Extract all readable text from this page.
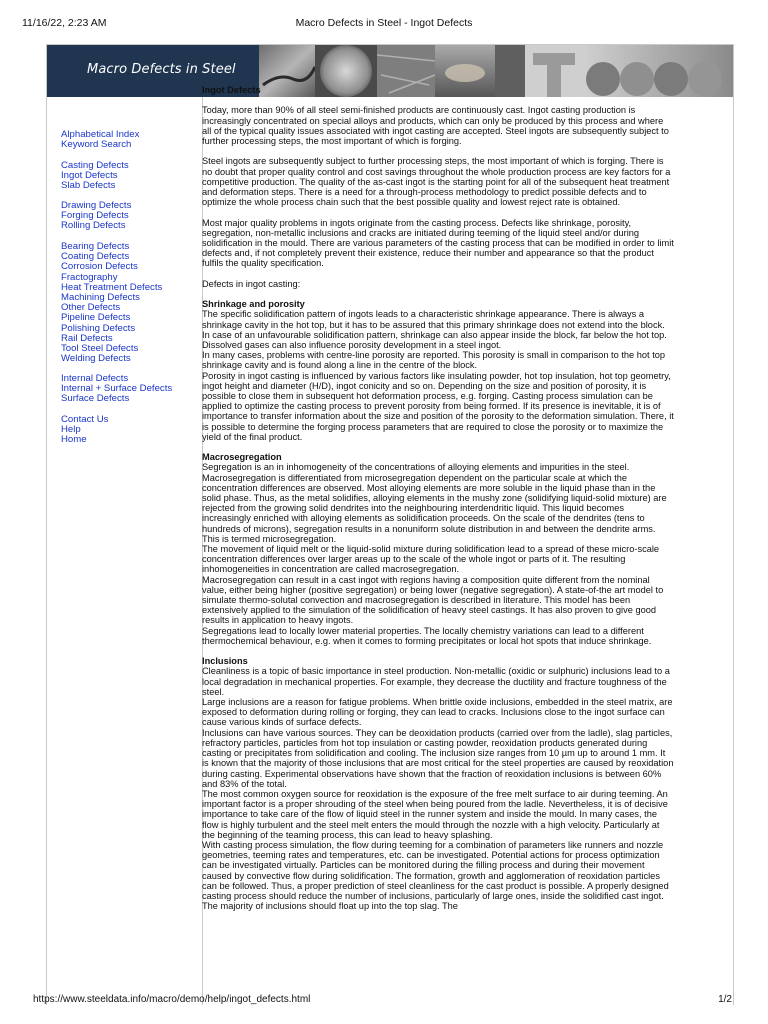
11/16/22, 2:23 AM	Macro Defects in Steel - Ingot Defects
Macro Defects in Steel
Alphabetical Index
Keyword Search
Casting Defects
Ingot Defects
Slab Defects
Drawing Defects
Forging Defects
Rolling Defects
Bearing Defects
Coating Defects
Corrosion Defects
Fractography
Heat Treatment Defects
Machining Defects
Other Defects
Pipeline Defects
Polishing Defects
Rail Defects
Tool Steel Defects
Welding Defects
Internal Defects
Internal + Surface Defects
Surface Defects
Contact Us
Help
Home
Ingot Defects

Today, more than 90% of all steel semi-finished products are continuously cast. Ingot casting production is increasingly concentrated on special alloys and products, which can only be produced by this process and where all of the typical quality issues associated with ingot casting are accepted. Steel ingots are subsequently subject to further processing steps, the most important of which is forging.

Steel ingots are subsequently subject to further processing steps, the most important of which is forging. There is no doubt that proper quality control and cost savings throughout the whole production process are key factors for a competitive production. The quality of the as-cast ingot is the starting point for all of the subsequent heat treatment and deformation steps. There is a need for a through-process methodology to predict possible defects and to optimize the whole process chain such that the best possible quality and lowest reject rate is obtained.

Most major quality problems in ingots originate from the casting process. Defects like shrinkage, porosity, segregation, non-metallic inclusions and cracks are initiated during teeming of the liquid steel and/or during solidification in the mould. There are various parameters of the casting process that can be modified in order to limit defects and, if not completely prevent their existence, reduce their number and appearance so that the product fulfils the quality specification.

Defects in ingot casting:

Shrinkage and porosity

The specific solidification pattern of ingots leads to a characteristic shrinkage appearance. There is always a shrinkage cavity in the hot top, but it has to be assured that this primary shrinkage does not extend into the block. In case of an unfavourable solidification pattern, shrinkage can also appear inside the block, far below the hot top. Dissolved gases can also influence porosity development in a steel ingot.

In many cases, problems with centre-line porosity are reported. This porosity is small in comparison to the hot top shrinkage cavity and is found along a line in the centre of the block.

Porosity in ingot casting is influenced by various factors like insulating powder, hot top insulation, hot top geometry, ingot height and diameter (H/D), ingot conicity and so on. Depending on the size and position of porosity, it is possible to close them in subsequent hot deformation process, e.g. forging. Casting process simulation can be applied to optimize the casting process to prevent porosity from being formed. If its presence is inevitable, it is of importance to transfer information about the size and position of the porosity to the deformation simulation. There, it is possible to determine the forging process parameters that are required to close the porosity or to maximize the yield of the final product.

Macrosegregation

Segregation is an in inhomogeneity of the concentrations of alloying elements and impurities in the steel. Macrosegregation is differentiated from microsegregation dependent on the particular scale at which the concentration differences are observed. Most alloying elements are more soluble in the liquid phase than in the solid phase. Thus, as the metal solidifies, alloying elements in the mushy zone (solidifying liquid-solid mixture) are rejected from the growing solid dendrites into the neighbouring interdendritic liquid. This liquid becomes increasingly enriched with alloying elements as solidification proceeds. On the scale of the dendrites (tens to hundreds of microns), segregation results in a nonuniform solute distribution in and between the dendrite arms. This is termed microsegregation.

The movement of liquid melt or the liquid-solid mixture during solidification lead to a spread of these micro-scale concentration differences over larger areas up to the scale of the whole ingot or parts of it. The resulting inhomogeneities in concentration are called macrosegregation.

Macrosegregation can result in a cast ingot with regions having a composition quite different from the nominal value, either being higher (positive segregation) or being lower (negative segregation). A state-of-the art model to simulate thermo-solutal convection and macrosegregation is described in literature. This model has been extensively applied to the simulation of the solidification of heavy steel castings. It has also proven to give good results in application to heavy ingots.

Segregations lead to locally lower material properties. The locally chemistry variations can lead to a different thermochemical behaviour, e.g. when it comes to forming precipitates or local hot spots that induce shrinkage.

Inclusions

Cleanliness is a topic of basic importance in steel production. Non-metallic (oxidic or sulphuric) inclusions lead to a local degradation in mechanical properties. For example, they decrease the ductility and fracture toughness of the steel.

Large inclusions are a reason for fatigue problems. When brittle oxide inclusions, embedded in the steel matrix, are exposed to deformation during rolling or forging, they can lead to cracks. Inclusions close to the ingot surface can cause various kinds of surface defects.

Inclusions can have various sources. They can be deoxidation products (carried over from the ladle), slag particles, refractory particles, particles from hot top insulation or casting powder, reoxidation products generated during casting or precipitates from solidification and cooling. The inclusion size ranges from 10 µm up to around 1 mm. It is known that the majority of those inclusions that are most critical for the steel properties are caused by reoxidation during casting. Experimental observations have shown that the fraction of reoxidation inclusions is between 60% and 83% of the total.

The most common oxygen source for reoxidation is the exposure of the free melt surface to air during teeming. An important factor is a proper shrouding of the steel when being poured from the ladle. Nevertheless, it is of decisive importance to take care of the flow of liquid steel in the runner system and inside the mould. In many cases, the flow is highly turbulent and the steel melt enters the mould through the nozzle with a high velocity. Particularly at the beginning of the teaming process, this can lead to heavy splashing.

With casting process simulation, the flow during teeming for a combination of parameters like runners and nozzle geometries, teeming rates and temperatures, etc. can be investigated. Potential actions for process optimization can be investigated virtually. Particles can be monitored during the filling process and during their movement caused by convective flow during solidification. The formation, growth and agglomeration of reoxidation particles can be followed. Thus, a proper prediction of steel cleanliness for the cast product is possible. A properly designed casting process should reduce the number of inclusions, particularly of large ones, inside the solidified cast ingot. The majority of inclusions should float up into the top slag. The

https://www.steeldata.info/macro/demo/help/ingot_defects.html	1/2
